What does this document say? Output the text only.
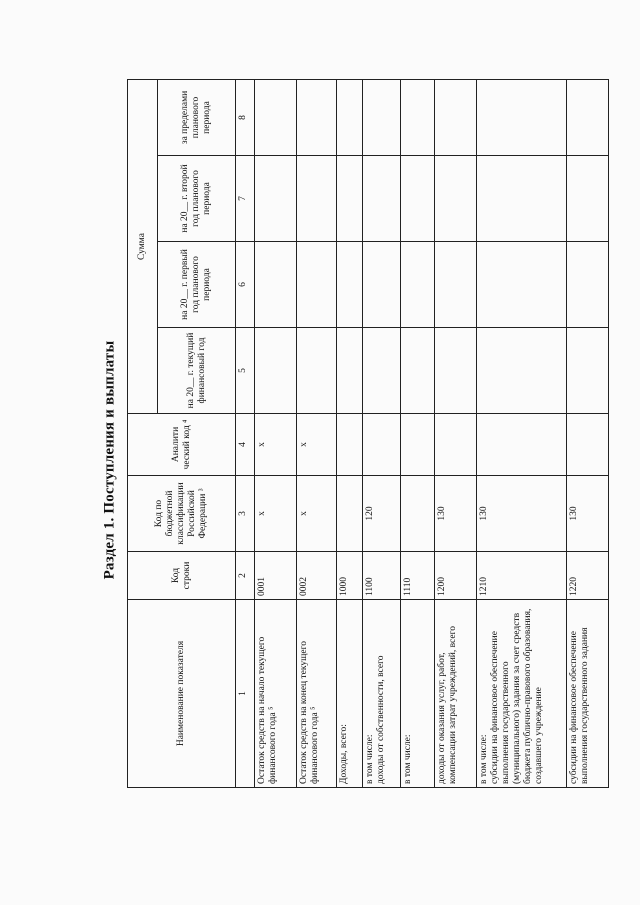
Раздел 1. Поступления и выплаты
Наименование показателя	Код строки	Код по бюджетной классификации Российской Федерации ³	Аналити ческий код ⁴	Сумма			
				на 20__ г. текущий финансовый год	на 20__ г. первый год планового периода	на 20__ г. второй год планового периода	за пределами планового периода
1	2	3	4	5	6	7	8
Остаток средств на начало текущего финансового года ⁵	0001	x	x				
Остаток средств на конец текущего финансового года ⁵	0002	x	x				
Доходы, всего:	1000						
в том числе:
доходы от собственности, всего	1100	120					
в том числе:	1110						
доходы от оказания услуг, работ, компенсации затрат учреждений, всего	1200	130					
в том числе:
субсидии на финансовое обеспечение выполнения государственного (муниципального) задания за счет средств бюджета публично-правового образования, создавшего учреждение	1210	130					
субсидии на финансовое обеспечение выполнения государственного задания	1220	130					
